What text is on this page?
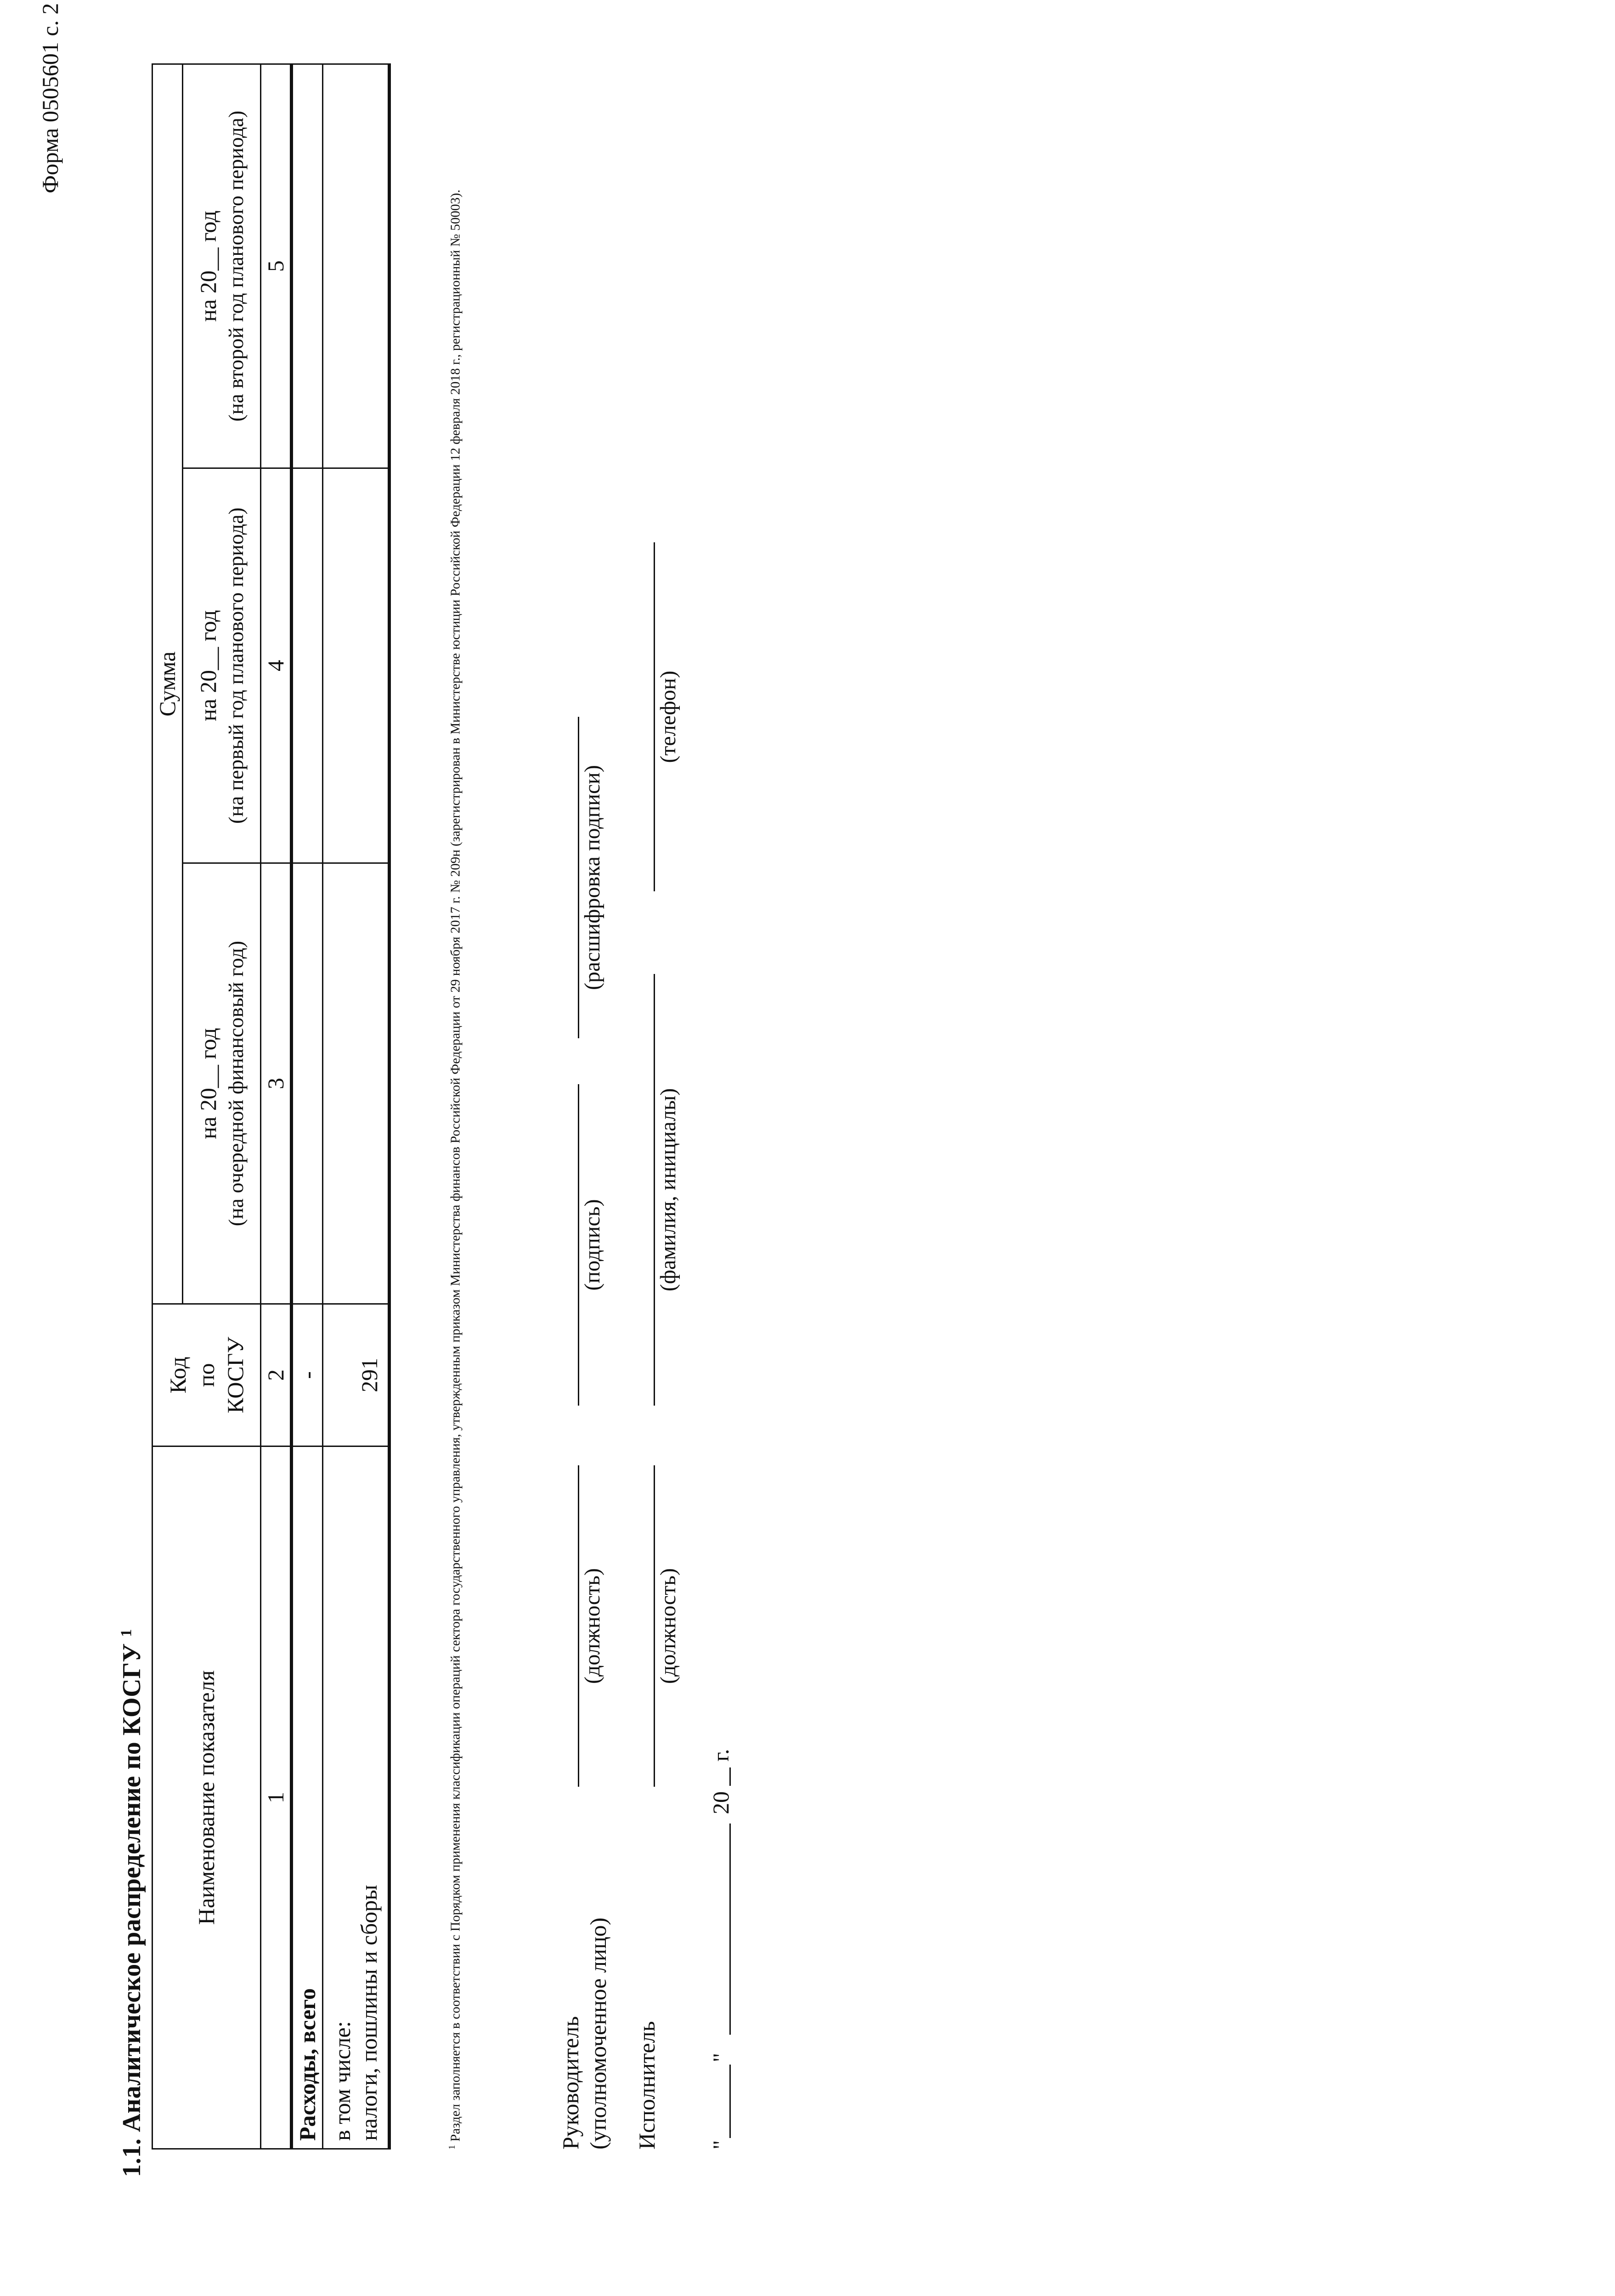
Форма 0505601 с. 2
1.1. Аналитическое распределение по КОСГУ $^1$
Наименование показателя	Код по КОСГУ	Сумма		

		на 20__ год (на очередной финансовый год)	на 20__ год (на первый год планового периода)	на 20__ год (на второй год планового периода)

1	2	3	4	5
Расходы, всего	-			

в том числе: налоги, пошлины и сборы	291			
$^1$ Раздел заполняется в соответствии с Порядком применения классификации операций сектора государственного управления, утвержденным приказом Министерства финансов Российской Федерации от 29 ноября 2017 г. № 209н (зарегистрирован в Министерстве юстиции Российской Федерации 12 февраля 2018 г., регистрационный № 50003).	Руководитель (уполномоченное лицо)
(должность)
(подпись)
(расшифровка подписи)
Исполнитель
(должность)
(фамилия, инициалы)
(телефон)
"
"
20
г.
